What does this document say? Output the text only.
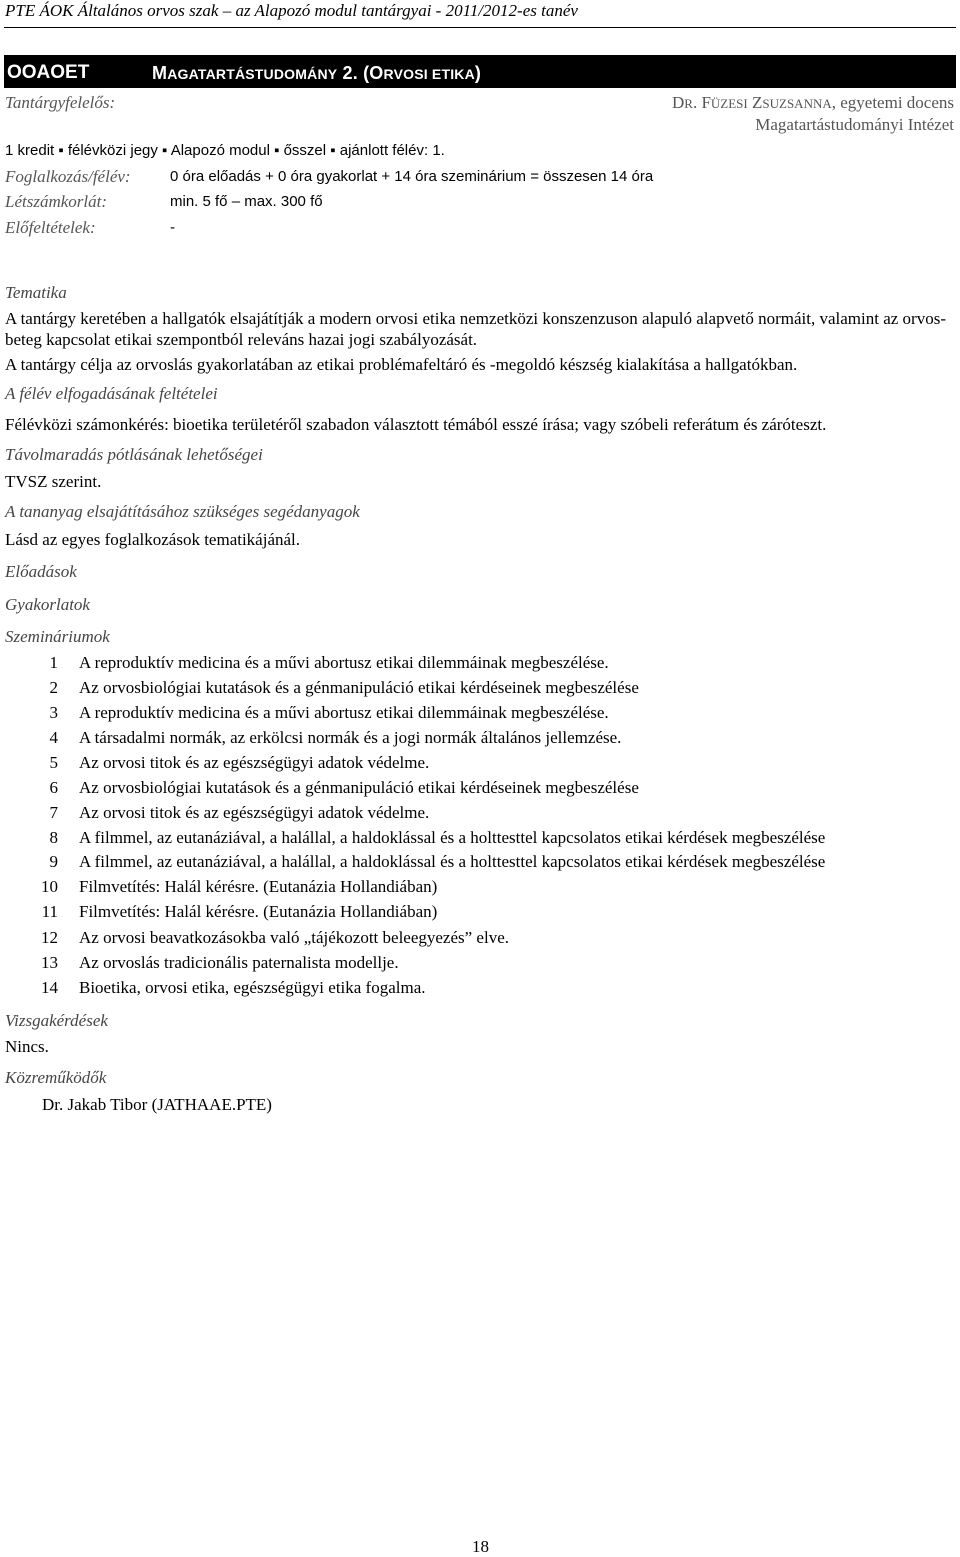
PTE ÁOK Általános orvos szak – az Alapozó modul tantárgyai - 2011/2012-es tanév
OOAOET	MAGATARTÁSTUDOMÁNY 2. (ORVOSI ETIKA)
Tantárgyfelelős:	DR. FÜZESI ZSUZSANNA, egyetemi docens
Magatartástudományi Intézet
1 kredit ▪ félévközi jegy ▪ Alapozó modul ▪ ősszel ▪ ajánlott félév: 1.
Foglalkozás/félév:	0 óra előadás + 0 óra gyakorlat + 14 óra szeminárium = összesen 14 óra
Létszámkorlát:	min. 5 fő – max. 300 fő
Előfeltételek:	-
Tematika
A tantárgy keretében a hallgatók elsajátítják a modern orvosi etika nemzetközi konszenzuson alapuló alapvető normáit, valamint az orvos-beteg kapcsolat etikai szempontból releváns hazai jogi szabályozását.
A tantárgy célja az orvoslás gyakorlatában az etikai problémafeltáró és -megoldó készség kialakítása a hallgatókban.
A félév elfogadásának feltételei
Félévközi számonkérés: bioetika területéről szabadon választott témából esszé írása; vagy szóbeli referátum és záróteszt.
Távolmaradás pótlásának lehetőségei
TVSZ szerint.
A tananyag elsajátításához szükséges segédanyagok
Lásd az egyes foglalkozások tematikájánál.
Előadások
Gyakorlatok
Szemináriumok
1 A reproduktív medicina és a művi abortusz etikai dilemmáinak megbeszélése.
2 Az orvosbiológiai kutatások és a génmanipuláció etikai kérdéseinek megbeszélése
3 A reproduktív medicina és a művi abortusz etikai dilemmáinak megbeszélése.
4 A társadalmi normák, az erkölcsi normák és a jogi normák általános jellemzése.
5 Az orvosi titok és az egészségügyi adatok védelme.
6 Az orvosbiológiai kutatások és a génmanipuláció etikai kérdéseinek megbeszélése
7 Az orvosi titok és az egészségügyi adatok védelme.
8 A filmmel, az eutanáziával, a halállal, a haldoklással és a holttesttel kapcsolatos etikai kérdések megbeszélése
9 A filmmel, az eutanáziával, a halállal, a haldoklással és a holttesttel kapcsolatos etikai kérdések megbeszélése
10 Filmvetítés: Halál kérésre. (Eutanázia Hollandiában)
11 Filmvetítés: Halál kérésre. (Eutanázia Hollandiában)
12 Az orvosi beavatkozásokba való „tájékozott beleegyezés” elve.
13 Az orvoslás tradicionális paternalista modellje.
14 Bioetika, orvosi etika, egészségügyi etika fogalma.
Vizsgakérdések
Nincs.
Közreműködők
Dr. Jakab Tibor (JATHAAE.PTE)
18
